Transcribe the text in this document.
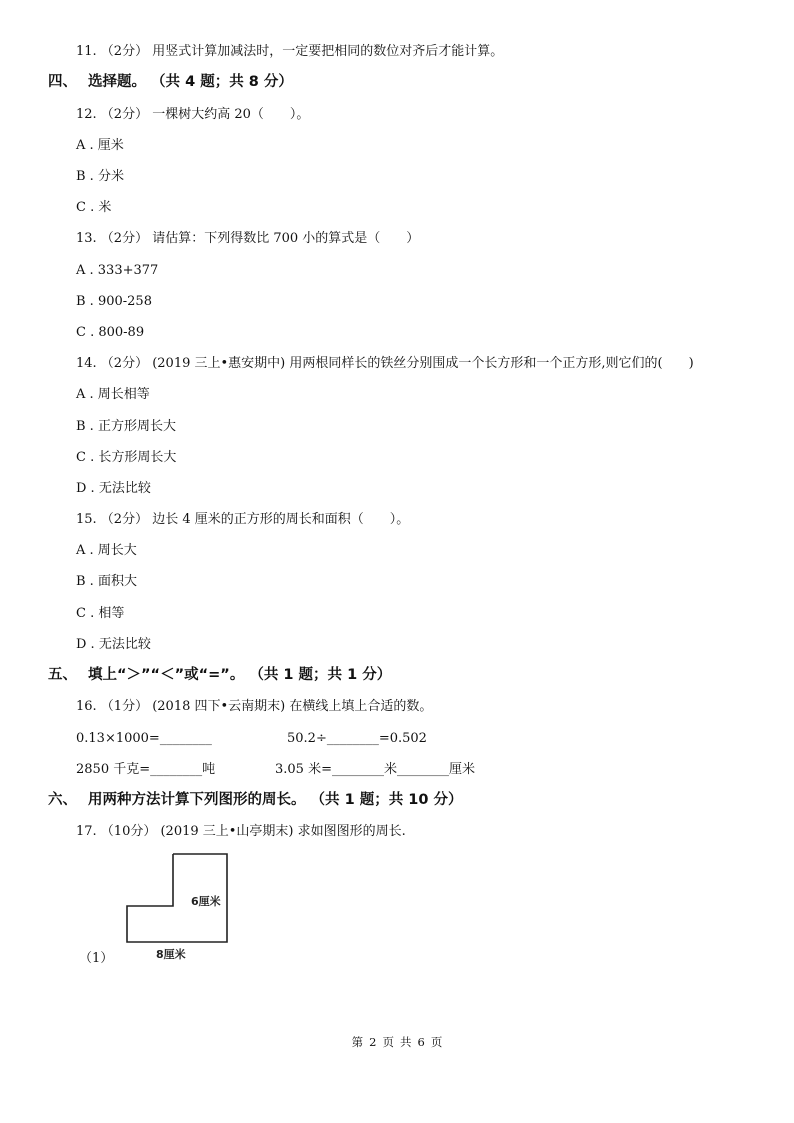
11. （2分） 用竖式计算加减法时，一定要把相同的数位对齐后才能计算。
四、 选择题。 （共 4 题；共 8 分）
12. （2分） 一棵树大约高 20（　　）。
A . 厘米
B . 分米
C . 米
13. （2分） 请估算：下列得数比 700 小的算式是（　　）
A . 333+377
B . 900-258
C . 800-89
14. （2分） (2019 三上•惠安期中) 用两根同样长的铁丝分别围成一个长方形和一个正方形,则它们的(　　)
A . 周长相等
B . 正方形周长大
C . 长方形周长大
D . 无法比较
15. （2分） 边长 4 厘米的正方形的周长和面积（　　）。
A . 周长大
B . 面积大
C . 相等
D . 无法比较
五、 填上“＞”“＜”或“=”。 （共 1 题；共 1 分）
16. （1分） (2018 四下•云南期末) 在横线上填上合适的数。
0.13×1000=________	50.2÷________=0.502
2850 千克=________吨	3.05 米=________米________厘米
六、 用两种方法计算下列图形的周长。 （共 1 题；共 10 分）
17. （10分） (2019 三上•山亭期末) 求如图图形的周长.
6厘米
8厘米
（1）
第 2 页 共 6 页
